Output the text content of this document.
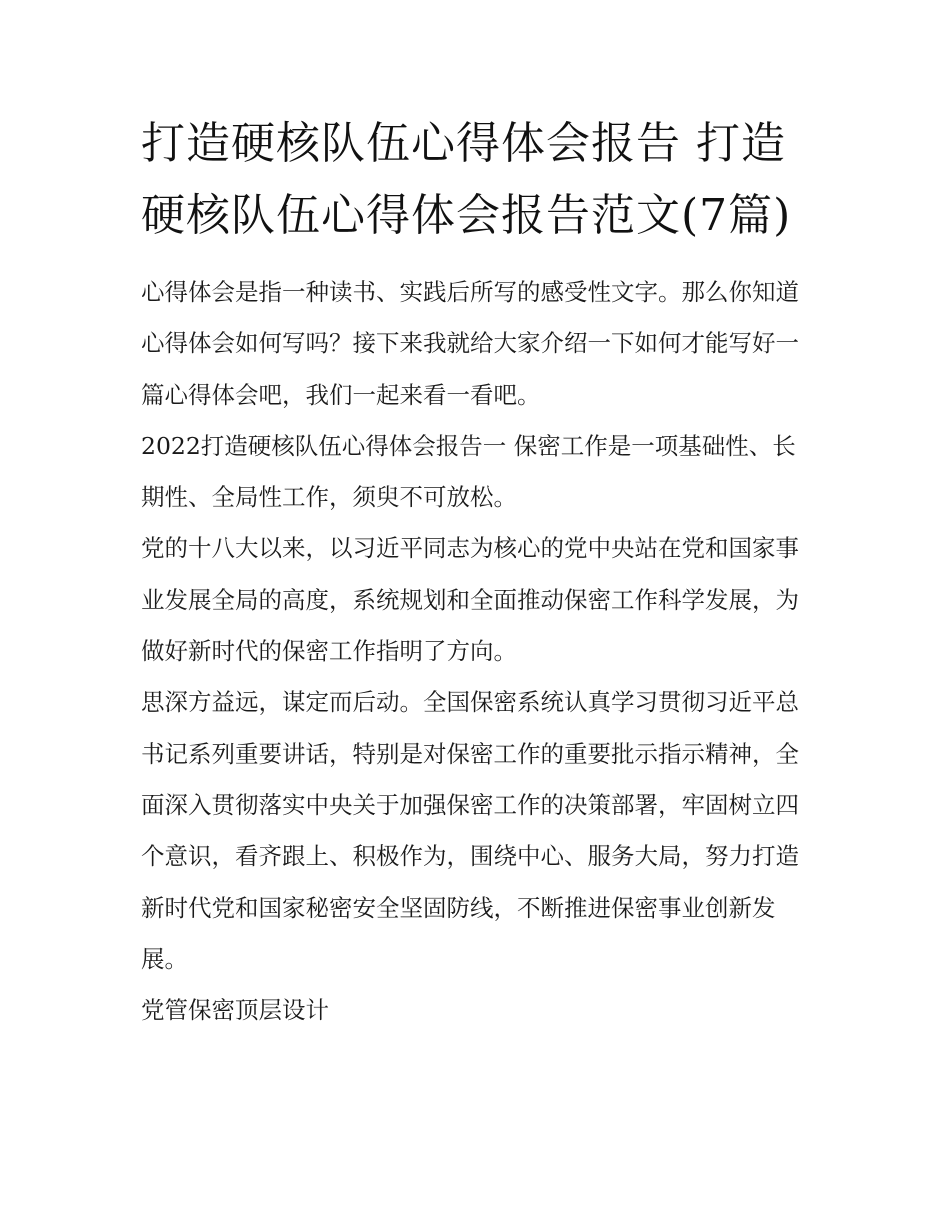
打造硬核队伍心得体会报告 打造硬核队伍心得体会报告范文(7篇)

心得体会是指一种读书、实践后所写的感受性文字。那么你知道心得体会如何写吗？接下来我就给大家介绍一下如何才能写好一篇心得体会吧，我们一起来看一看吧。

2022打造硬核队伍心得体会报告一 保密工作是一项基础性、长期性、全局性工作，须臾不可放松。

党的十八大以来，以习近平同志为核心的党中央站在党和国家事业发展全局的高度，系统规划和全面推动保密工作科学发展，为做好新时代的保密工作指明了方向。

思深方益远，谋定而后动。全国保密系统认真学习贯彻习近平总书记系列重要讲话，特别是对保密工作的重要批示指示精神，全面深入贯彻落实中央关于加强保密工作的决策部署，牢固树立四个意识，看齐跟上、积极作为，围绕中心、服务大局，努力打造新时代党和国家秘密安全坚固防线，不断推进保密事业创新发展。

党管保密顶层设计
